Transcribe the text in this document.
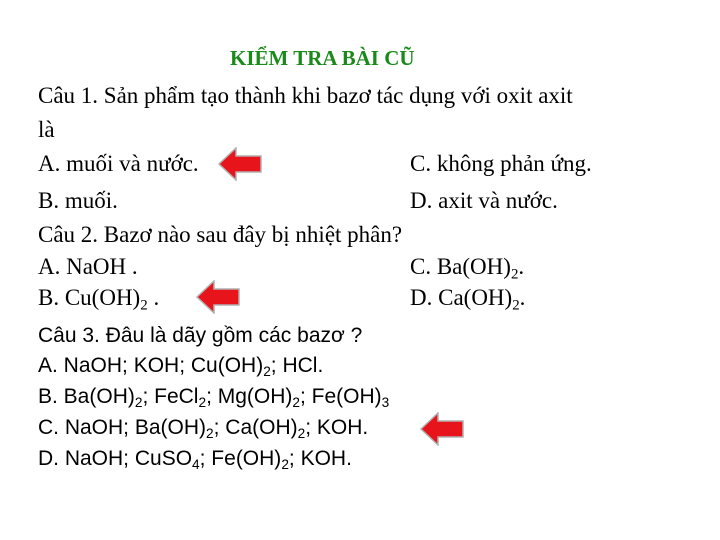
KIỂM TRA BÀI CŨ
Câu 1. Sản phẩm tạo thành khi bazơ tác dụng với oxit axit
là
A. muối và nước.	C. không phản ứng.
B. muối.	D. axit và nước.
Câu 2. Bazơ nào sau đây bị nhiệt phân?
A. NaOH .	C. $Ba(OH)_2$.
B. $Cu(OH)_2$ .	D. $Ca(OH)_2$.
Câu 3. Đâu là dãy gồm các bazơ ?
A. NaOH; KOH; $Cu(OH)_2$; HCl.
B. $Ba(OH)_2$; FeCl$_2$; $Mg(OH)_2$; $Fe(OH)_3$
C. NaOH; $Ba(OH)_2$; $Ca(OH)_2$; KOH.
D. NaOH; CuSO$_4$; $Fe(OH)_2$; KOH.
